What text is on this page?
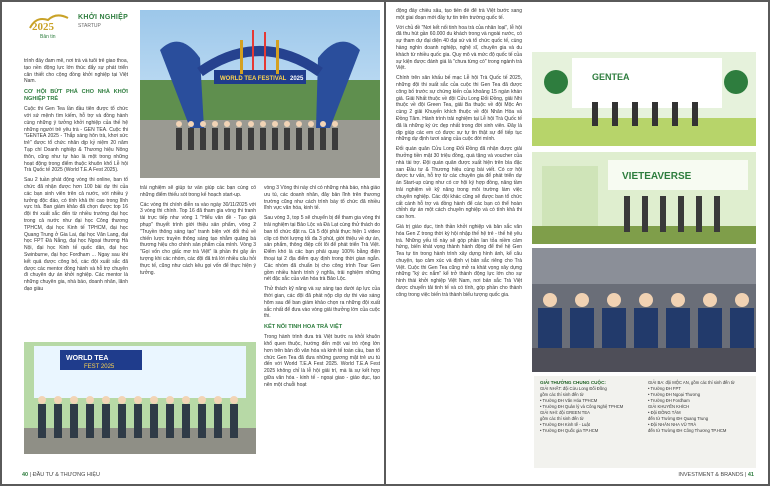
2025
Bản tin
KHỞI NGHIỆP
STARTUP

trình đầy đam mê, nơi trà và tuổi trẻ giao thoa, tạo nền động lực lớn thúc đẩy sự phát triển cân thiết cho cộng đồng khởi nghiệp tại Việt Nam.

CƠ HỘI BỨT PHÁ CHO NHÀ KHỞI NGHIỆP TRẺ

Cuộc thi Gen Tea lần đầu tiên được tổ chức với sứ mệnh tìm kiếm, hỗ trợ và đồng hành cùng những ý tưởng khởi nghiệp của thế hệ những người trẻ yêu trà - GEN TEA. Cuộc thi "GENTEA 2025 - Thắp sáng hôn trà, khơi sức trẻ" được tổ chức nhân dịp kỷ niệm 20 năm Tạp chí Doanh nghiệp & Thương hiệu Nông thôn, cũng như tự hào là một trong những hoạt động trong điểm thuộc khuôn khổ Lễ hội Trà Quốc tế 2025 (World T.E.A Fest 2025).

Sau 2 tuần phát động vòng thi online, ban tổ chức đã nhận được hơn 100 bài dự thi của các bạn sinh viên trên cả nước, với nhiều ý tưởng độc đáo, có tính khả thi cao trong lĩnh vực trà. Ban giám khảo đã chọn được top 16 đội thi xuất sắc đến từ nhiều trường đại học trong cả nước như đại học Công thương TPHCM, đại học Kinh tế TPHCM, đại học Quang Trung ở Gia Lai, đại học Văn Lang, đại học FPT Đà Nẵng, đại học Ngoại thương Hà Nội, đại học Kinh tế quốc dân, đại học Swinburne, đại học Fordham ... Ngay sau khi kết quả được công bố, các đội xuất sắc đã được các mentor đồng hành và hỗ trợ chuyên đi chuyên dự án khởi nghiệp. Các mentor là những chuyên gia, nhà báo, doanh nhân, lãnh đạo giàu

WORLD TEA FESTIVAL 2025

trải nghiệm sẽ giúp tư vấn giúp các bạn củng cố những điểm thiếu sót trong kế hoạch start-up.

Các vòng thi chính diễn ra vào ngày 30/11/2025 với 3 vòng thi chính. Top 16 đã tham gia vòng thi tranh tài trực tiếp như vòng 1 "Hiểu văn đề - Tạo giá phụp" thuyết trình giới thiệu sản phẩm, vòng 2 "Truyền thông sáng tạo" tranh biện với đối thủ về chiến lược truyền thông sáng tạo nhằm quảng bá thương hiệu cho chính sản phẩm của mình. Vòng 3 "Gọi vốn cho giấc mơ trà Việt" là phần thi gây ấn tượng khi các nhóm, các đội đã trả lời nhiều câu hỏi thực tế, cũng như cách kêu gọi vốn để thực hiện ý tưởng.

vòng 3 Vòng thi này chỉ có những nhà báo, nhà giáo ưu tú, các doanh nhân, đây bản lĩnh trên thương trường cũng như cách trình bày tổ chức đã nhiều lĩnh vực văn hóa, kinh tế.

Sau vòng 3, top 5 sẽ chuyển bị để tham gia vòng thi trải nghiệm tại Bảo Lộc và Đà Lạt cùng thử thách do ban tổ chức đặt ra. Cả 5 đội phải thực hiện 1 video clip có thời lượng tối đa 3 phút, giới thiệu về dự án, sản phẩm, thông điệp cốt lõi để phát triển Trà Việt. Điểm khó là các bạn phải quay 100% bằng điện thoại tại 2 địa điểm quy định trong thời gian ngắn. Các nhóm đã chuẩn bị cho công trình Tour Gen gồm nhiều hành trình ý nghĩa, trải nghiệm những nét đặc sắc của văn hóa trà Bảo Lộc.

Thử thách kỹ năng và sự sáng tạo dưới áp lực của thời gian, các đội đã phát nộp clip dự thi vào sáng hôm sau để ban giám khảo chọn ra những đội xuất sắc nhất để đưa vào vòng giải thưởng lớn của cuộc thi.

KẾT NỐI TINH HOA TRÀ VIỆT

Trong hành trình đưa trà Việt bước ra khỏi khuôn khổ quen thuộc, hướng đến một vai trò rộng lớn hơn trên bản đồ văn hóa và kinh tế toàn cầu, ban tổ chức Gen Tea đã đưa những gương mặt trẻ ưu tú đến với World T.E.A Fest 2025. World T.E.A Fest 2025 không chỉ là lễ hội giải trí, mà là sự kết hợp giữa văn hóa - kinh tế - ngoại giao - giáo dục, tạo nên một chuỗi hoạt

WORLD TEA
FEST 2025
40 | ĐẦU TƯ & THƯƠNG HIỆU

động đầy chiều sâu, tạo tiền đề để trà Việt bước sang một giai đoạn mới đầy tự tin trên trường quốc tế.

Với chủ đề "Nơi kết nối tinh hoa trà của nhân loại", lễ hội đã thu hút gần 60.000 du khách trong và ngoài nước, có sự tham dự đại diện 40 đại sứ và tổ chức quốc tế, cùng hàng nghìn doanh nghiệp, nghệ sĩ, chuyên gia và du khách từ nhiều quốc gia. Quy mô và mức độ quốc tế của sự kiện được đánh giá là "chưa từng có" trong ngành trà Việt.

Chính trên sân khấu bế mạc Lễ hội Trà Quốc tế 2025, những đội thi xuất sắc của cuộc thi Gen Tea đã được công bố trước sự chứng kiến của khoảng 15 ngàn khán giả. Giải Nhất thuộc về đội Cửu Long Đối Đồng, giải Nhì thuộc về đội Green Tea, giải Ba thuộc về đội Mộc An cùng 2 giải Khuyến khích thuộc về đội Nhân Hòa và Đồng Tâm. Hành trình trải nghiệm tại Lễ hội Trà Quốc tế đã là những ký ức đẹp nhất trong đời sinh viên. Đây là dịp giúp các em có được sự tự tin thật sự để tiếp tục những dự định tươi sáng của cuộc đời mình.

Đối quán quân Cửu Long Đối Đồng đã nhận được giải thưởng tiền mặt 30 triệu đồng, quà tặng và voucher của nhà tài trợ. Đội quán quân được xuất hiện trên bìa đặc san Đầu tư & Thương hiệu cùng bài viết. Có cơ hội được tư vấn, hỗ trợ từ các chuyên gia để phát triển dự án Start-up cùng như có cơ hội ký hợp đồng, nâng tầm trải nghiệm về kỹ năng trong môi trường làm việc chuyên nghiệp. Các đội khác cũng sẽ được ban tổ chức cất cánh hỗ trợ và đồng hành để các bạn có thể hoàn chỉnh dự án một cách chuyên nghiệp và có tính khả thi cao hơn.

Giá trị giáo dục, tinh thần khởi nghiệp và bản sắc văn hóa Gen Z trong thời kỳ hội nhập thế hệ trẻ - thế hệ yêu trà. Những yếu tố này sẽ góp phần lan tỏa niềm cảm hứng, biến khát vọng thành hành động để thế hệ Gen Tea tự tin trong hành trình xây dựng hình ảnh, kể câu chuyện, tạo cảm xúc và định vị bản sắc riêng cho Trà Việt. Cuộc thi Gen Tea cũng mở ra khát vọng xây dựng những "ký ức nắm" kể trở thành động lực lớn cho sự hình thái khởi nghiệp Việt Nam, nơi bản sắc Trà Việt được chuyển tải tinh tế và có tính, góp phần cho thành công trong việc biến trà thành biểu tượng quốc gia.

GENTEA
VIETEAVERSE
GIẢI THƯỞNG CHUNG CUỘC:

GIẢI NHẤT: đội Cửu Long Đối Đồng

gồm các thí sinh đến từ

• Trường ĐH Văn Hóa TPHCM

• Trường ĐH Quản lý và Công Nghệ TPHCM

GIẢI NHÌ: đội GREEN TEA

gồm các thí sinh đến từ

• Trường ĐH Kinh tế - Luật

• Trường ĐH Quốc gia TP.HCM

GIẢI BA: đội MỘC AN, gồm các thí sinh đến từ

• Trường ĐH FPT

• Trường ĐH Ngoại Thương

• Trường ĐH Fordham

GIẢI KHUYẾN KHÍCH

• Đội ĐỒNG TÂM

đến từ Trường ĐH Quang Trung

• Đội NHÂN NHA VŨ TRÀ

đến từ Trường ĐH Công Thương TP.HCM

INVESTMENT & BRANDS | 41
